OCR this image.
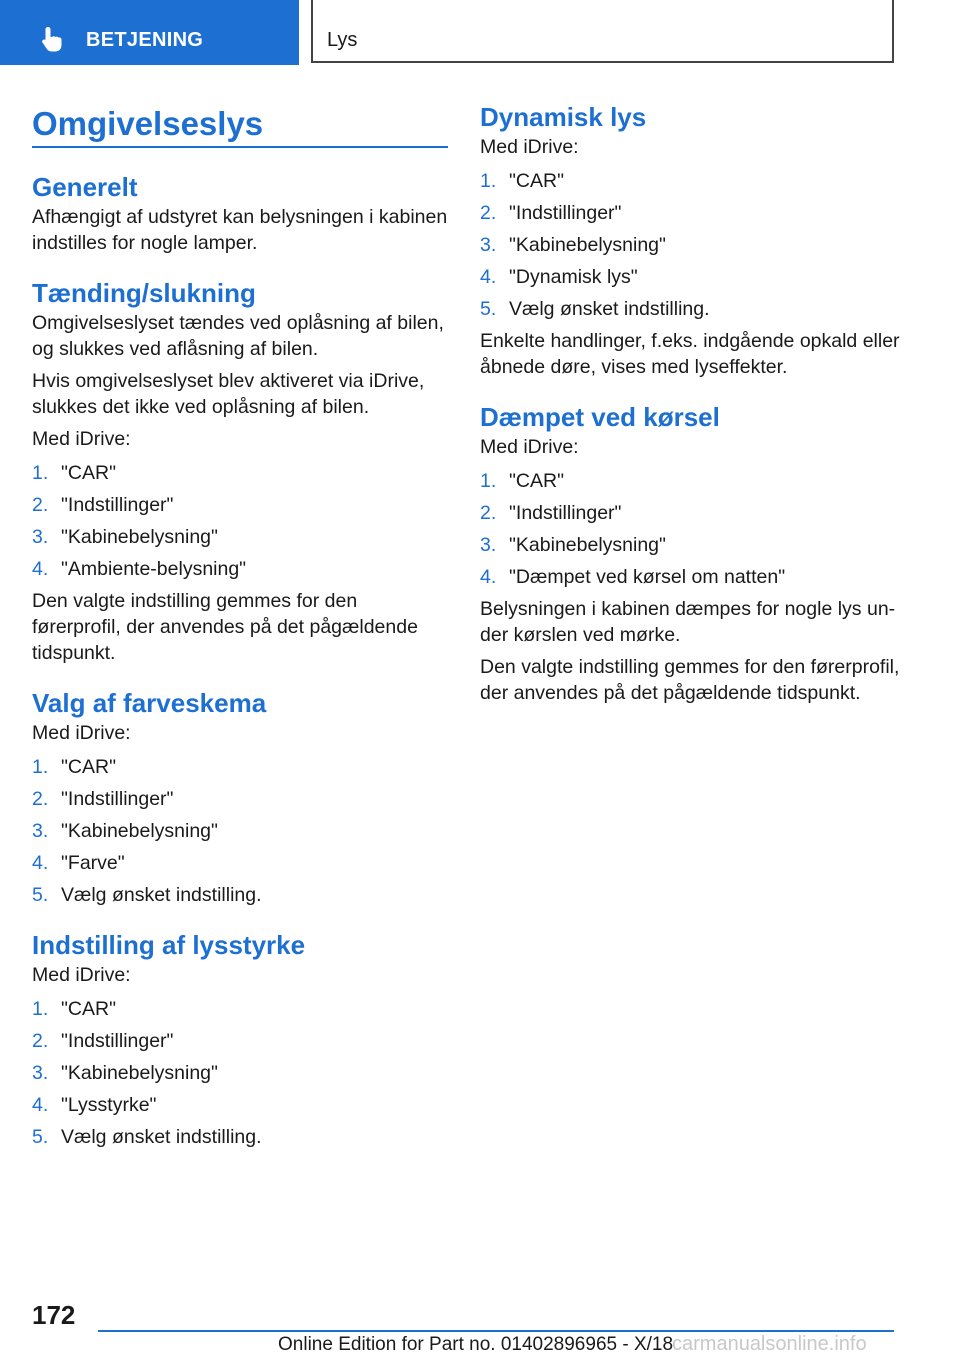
BETJENING	Lys
Omgivelseslys
Generelt

Afhængigt af udstyret kan belysningen i kabinen indstilles for nogle lamper.

Tænding/slukning

Omgivelseslyset tændes ved oplåsning af bilen, og slukkes ved aflåsning af bilen.

Hvis omgivelseslyset blev aktiveret via iDrive, slukkes det ikke ved oplåsning af bilen.

Med iDrive:

1. "CAR"
2. "Indstillinger"
3. "Kabinebelysning"
4. "Ambiente-belysning"

Den valgte indstilling gemmes for den førerprofil, der anvendes på det pågældende tidspunkt.

Valg af farveskema

Med iDrive:

1. "CAR"
2. "Indstillinger"
3. "Kabinebelysning"
4. "Farve"
5. Vælg ønsket indstilling.
Indstilling af lysstyrke

Med iDrive:

1. "CAR"
2. "Indstillinger"
3. "Kabinebelysning"
4. "Lysstyrke"
5. Vælg ønsket indstilling.
Dynamisk lys

Med iDrive:

1. "CAR"
2. "Indstillinger"
3. "Kabinebelysning"
4. "Dynamisk lys"
5. Vælg ønsket indstilling.

Enkelte handlinger, f.eks. indgående opkald eller åbnede døre, vises med lyseffekter.

Dæmpet ved kørsel

Med iDrive:

1. "CAR"
2. "Indstillinger"
3. "Kabinebelysning"
4. "Dæmpet ved kørsel om natten"

Belysningen i kabinen dæmpes for nogle lys under kørslen ved mørke.

Den valgte indstilling gemmes for den førerprofil, der anvendes på det pågældende tidspunkt.

172
Online Edition for Part no. 01402896965 - X/18
carmanualsonline.info
